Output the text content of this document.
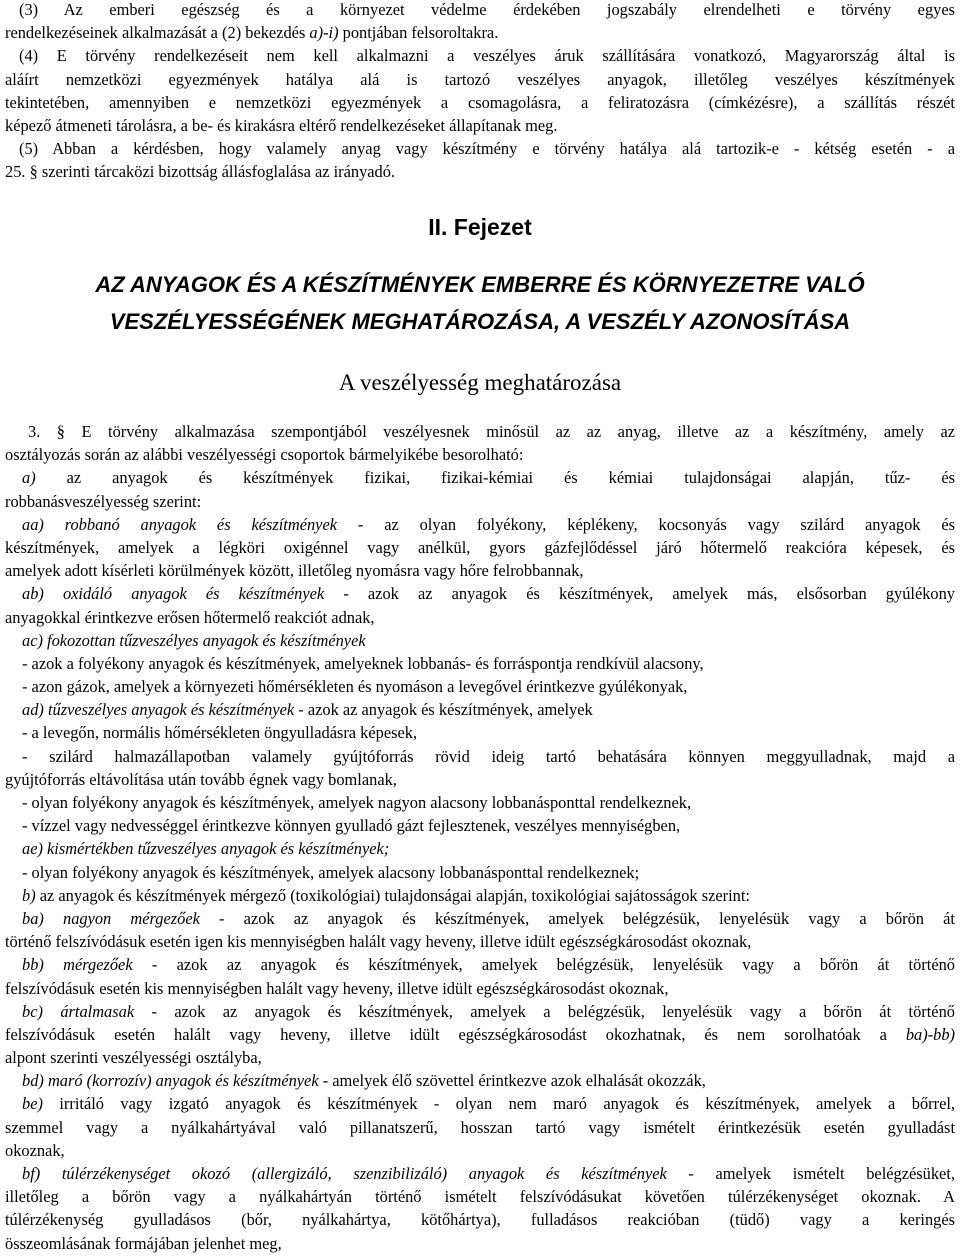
(3) Az emberi egészség és a környezet védelme érdekében jogszabály elrendelheti e törvény egyes
rendelkezéseinek alkalmazását a (2) bekezdés a)-i) pontjában felsoroltakra.
(4) E törvény rendelkezéseit nem kell alkalmazni a veszélyes áruk szállítására vonatkozó, Magyarország által is
aláírt nemzetközi egyezmények hatálya alá is tartozó veszélyes anyagok, illetőleg veszélyes készítmények
tekintetében, amennyiben e nemzetközi egyezmények a csomagolásra, a feliratozásra (címkézésre), a szállítás részét
képező átmeneti tárolásra, a be- és kirakásra eltérő rendelkezéseket állapítanak meg.
(5) Abban a kérdésben, hogy valamely anyag vagy készítmény e törvény hatálya alá tartozik-e - kétség esetén - a
25. § szerinti tárcaközi bizottság állásfoglalása az irányadó.
II. Fejezet
AZ ANYAGOK ÉS A KÉSZÍTMÉNYEK EMBERRE ÉS KÖRNYEZETRE VALÓ
VESZÉLYESSÉGÉNEK MEGHATÁROZÁSA, A VESZÉLY AZONOSÍTÁSA
A veszélyesség meghatározása
3. § E törvény alkalmazása szempontjából veszélyesnek minősül az az anyag, illetve az a készítmény, amely az
osztályozás során az alábbi veszélyességi csoportok bármelyikébe besorolható:
a) az anyagok és készítmények fizikai, fizikai-kémiai és kémiai tulajdonságai alapján, tűz- és
robbanásveszélyesség szerint:
aa) robbanó anyagok és készítmények - az olyan folyékony, képlékeny, kocsonyás vagy szilárd anyagok és
készítmények, amelyek a légköri oxigénnel vagy anélkül, gyors gázfejlődéssel járó hőtermelő reakcióra képesek, és
amelyek adott kísérleti körülmények között, illetőleg nyomásra vagy hőre felrobbannak,
ab) oxidáló anyagok és készítmények - azok az anyagok és készítmények, amelyek más, elsősorban gyúlékony
anyagokkal érintkezve erősen hőtermelő reakciót adnak,
ac) fokozottan tűzveszélyes anyagok és készítmények
- azok a folyékony anyagok és készítmények, amelyeknek lobbanás- és forráspontja rendkívül alacsony,
- azon gázok, amelyek a környezeti hőmérsékleten és nyomáson a levegővel érintkezve gyúlékonyak,
ad) tűzveszélyes anyagok és készítmények - azok az anyagok és készítmények, amelyek
- a levegőn, normális hőmérsékleten öngyulladásra képesek,
- szilárd halmazállapotban valamely gyújtóforrás rövid ideig tartó behatására könnyen meggyulladnak, majd a
gyújtóforrás eltávolítása után tovább égnek vagy bomlanak,
- olyan folyékony anyagok és készítmények, amelyek nagyon alacsony lobbanásponttal rendelkeznek,
- vízzel vagy nedvességgel érintkezve könnyen gyulladó gázt fejlesztenek, veszélyes mennyiségben,
ae) kismértékben tűzveszélyes anyagok és készítmények;
- olyan folyékony anyagok és készítmények, amelyek alacsony lobbanásponttal rendelkeznek;
b) az anyagok és készítmények mérgező (toxikológiai) tulajdonságai alapján, toxikológiai sajátosságok szerint:
ba) nagyon mérgezőek - azok az anyagok és készítmények, amelyek belégzésük, lenyelésük vagy a bőrön át
történő felszívódásuk esetén igen kis mennyiségben halált vagy heveny, illetve idült egészségkárosodást okoznak,
bb) mérgezőek - azok az anyagok és készítmények, amelyek belégzésük, lenyelésük vagy a bőrön át történő
felszívódásuk esetén kis mennyiségben halált vagy heveny, illetve idült egészségkárosodást okoznak,
bc) ártalmasak - azok az anyagok és készítmények, amelyek a belégzésük, lenyelésük vagy a bőrön át történő
felszívódásuk esetén halált vagy heveny, illetve idült egészségkárosodást okozhatnak, és nem sorolhatóak a ba)-bb)
alpont szerinti veszélyességi osztályba,
bd) maró (korrozív) anyagok és készítmények - amelyek élő szövettel érintkezve azok elhalását okozzák,
be) irritáló vagy izgató anyagok és készítmények - olyan nem maró anyagok és készítmények, amelyek a bőrrel,
szemmel vagy a nyálkahártyával való pillanatszerű, hosszan tartó vagy ismételt érintkezésük esetén gyulladást
okoznak,
bf) túlérzékenységet okozó (allergizáló, szenzibilizáló) anyagok és készítmények - amelyek ismételt belégzésüket,
illetőleg a bőrön vagy a nyálkahártyán történő ismételt felszívódásukat követően túlérzékenységet okoznak. A
túlérzékenység gyulladásos (bőr, nyálkahártya, kötőhártya), fulladásos reakcióban (tüdő) vagy a keringés
összeomlásának formájában jelenhet meg,
